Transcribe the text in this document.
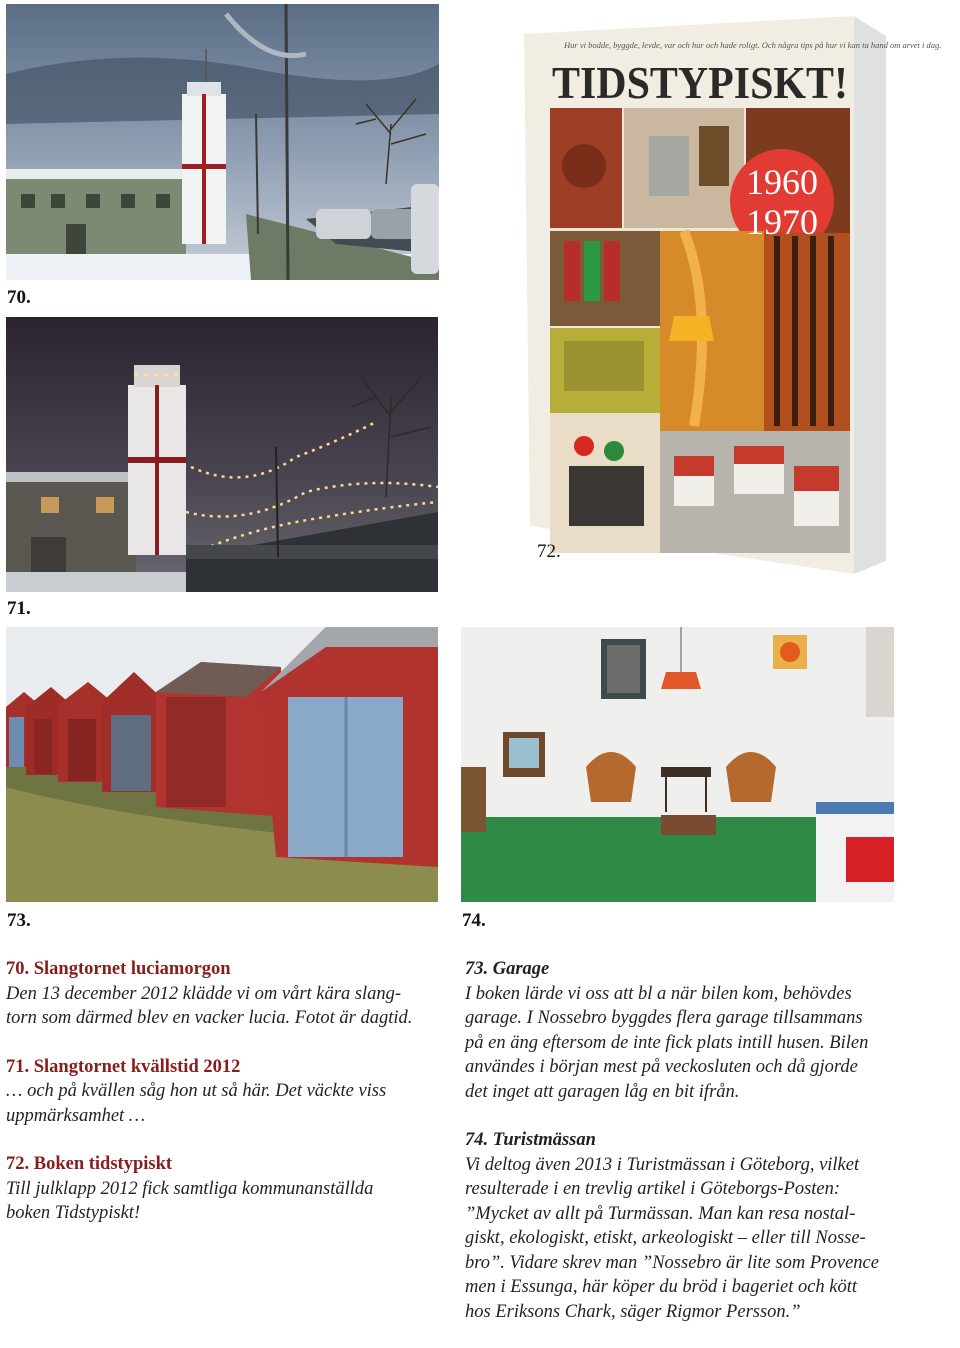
70.
71.
Hur vi bodde, byggde, levde, var och hur och hade roligt. Och några tips på hur vi kan ta hand om arvet i dag.
TIDSTYPISKT!
1960
1970
72.
73.	74.

70. Slangtornet luciamorgon
Den 13 december 2012 klädde vi om vårt kära slang-
torn som därmed blev en vacker lucia. Fotot är dagtid.

71. Slangtornet kvällstid 2012
… och på kvällen såg hon ut så här. Det väckte viss
uppmärksamhet …

72. Boken tidstypiskt
Till julklapp 2012 fick samtliga kommunanställda
boken Tidstypiskt!

73. Garage
I boken lärde vi oss att bl a när bilen kom, behövdes
garage. I Nossebro byggdes flera garage tillsammans
på en äng eftersom de inte fick plats intill husen. Bilen
användes i början mest på veckosluten och då gjorde
det inget att garagen låg en bit ifrån.

74. Turistmässan
Vi deltog även 2013 i Turistmässan i Göteborg, vilket
resulterade i en trevlig artikel i Göteborgs-Posten:
”Mycket av allt på Turmässan. Man kan resa nostal-
giskt, ekologiskt, etiskt, arkeologiskt – eller till Nosse-
bro”. Vidare skrev man ”Nossebro är lite som Provence
men i Essunga, här köper du bröd i bageriet och kött
hos Eriksons Chark, säger Rigmor Persson.”
